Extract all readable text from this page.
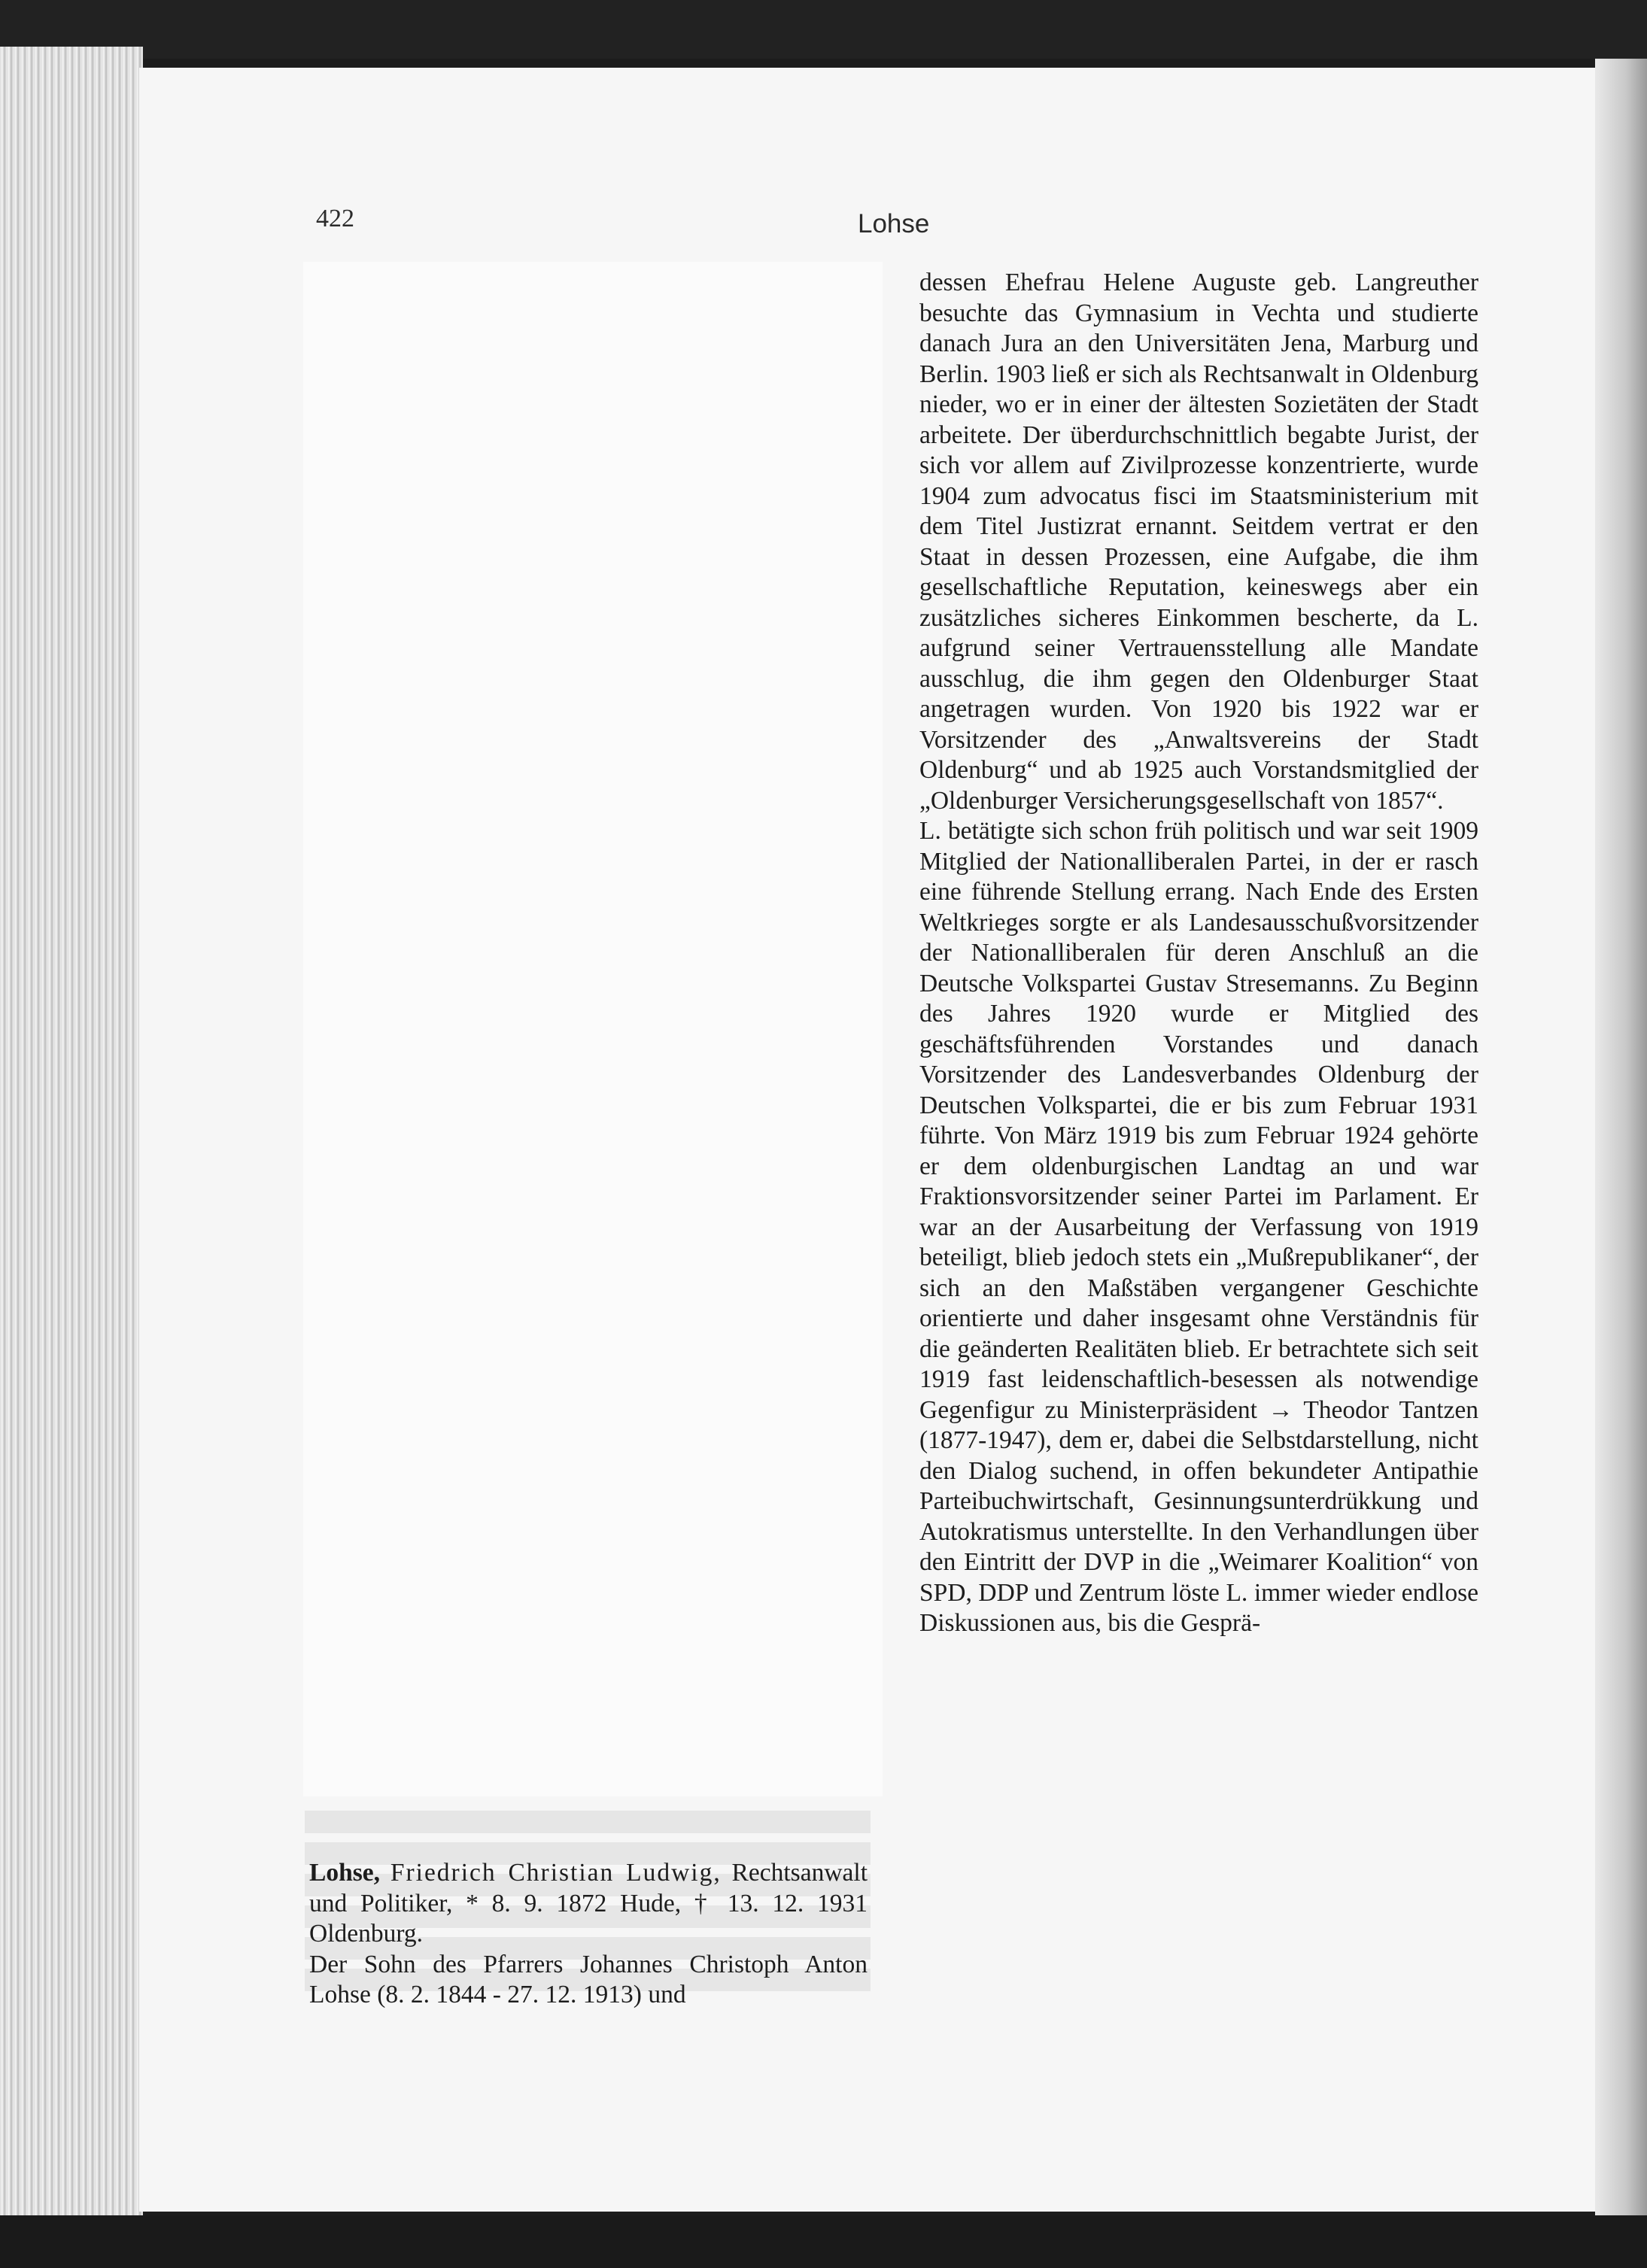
422	Lohse

Lohse, Friedrich Christian Ludwig, Rechtsanwalt und Politiker, * 8. 9. 1872 Hude, † 13. 12. 1931 Oldenburg.

Der Sohn des Pfarrers Johannes Christoph Anton Lohse (8. 2. 1844 - 27. 12. 1913) und

dessen Ehefrau Helene Auguste geb. Langreuther besuchte das Gymnasium in Vechta und studierte danach Jura an den Universitäten Jena, Marburg und Berlin. 1903 ließ er sich als Rechtsanwalt in Oldenburg nieder, wo er in einer der ältesten Sozietäten der Stadt arbeitete. Der überdurchschnittlich begabte Jurist, der sich vor allem auf Zivilprozesse konzentrierte, wurde 1904 zum advocatus fisci im Staatsministerium mit dem Titel Justizrat ernannt. Seitdem vertrat er den Staat in dessen Prozessen, eine Aufgabe, die ihm gesellschaftliche Reputation, keineswegs aber ein zusätzliches sicheres Einkommen bescherte, da L. aufgrund seiner Vertrauensstellung alle Mandate ausschlug, die ihm gegen den Oldenburger Staat angetragen wurden. Von 1920 bis 1922 war er Vorsitzender des „Anwaltsvereins der Stadt Oldenburg“ und ab 1925 auch Vorstandsmitglied der „Oldenburger Versicherungsgesellschaft von 1857“.

L. betätigte sich schon früh politisch und war seit 1909 Mitglied der Nationalliberalen Partei, in der er rasch eine führende Stellung errang. Nach Ende des Ersten Weltkrieges sorgte er als Landesausschußvorsitzender der Nationalliberalen für deren Anschluß an die Deutsche Volkspartei Gustav Stresemanns. Zu Beginn des Jahres 1920 wurde er Mitglied des geschäftsführenden Vorstandes und danach Vorsitzender des Landesverbandes Oldenburg der Deutschen Volkspartei, die er bis zum Februar 1931 führte. Von März 1919 bis zum Februar 1924 gehörte er dem oldenburgischen Landtag an und war Fraktionsvorsitzender seiner Partei im Parlament. Er war an der Ausarbeitung der Verfassung von 1919 beteiligt, blieb jedoch stets ein „Mußrepublikaner“, der sich an den Maßstäben vergangener Geschichte orientierte und daher insgesamt ohne Verständnis für die geänderten Realitäten blieb. Er betrachtete sich seit 1919 fast leidenschaftlich-besessen als notwendige Gegenfigur zu Ministerpräsident → Theodor Tantzen (1877-1947), dem er, dabei die Selbstdarstellung, nicht den Dialog suchend, in offen bekundeter Antipathie Parteibuchwirtschaft, Gesinnungsunterdrükkung und Autokratismus unterstellte. In den Verhandlungen über den Eintritt der DVP in die „Weimarer Koalition“ von SPD, DDP und Zentrum löste L. immer wieder endlose Diskussionen aus, bis die Gesprä-
